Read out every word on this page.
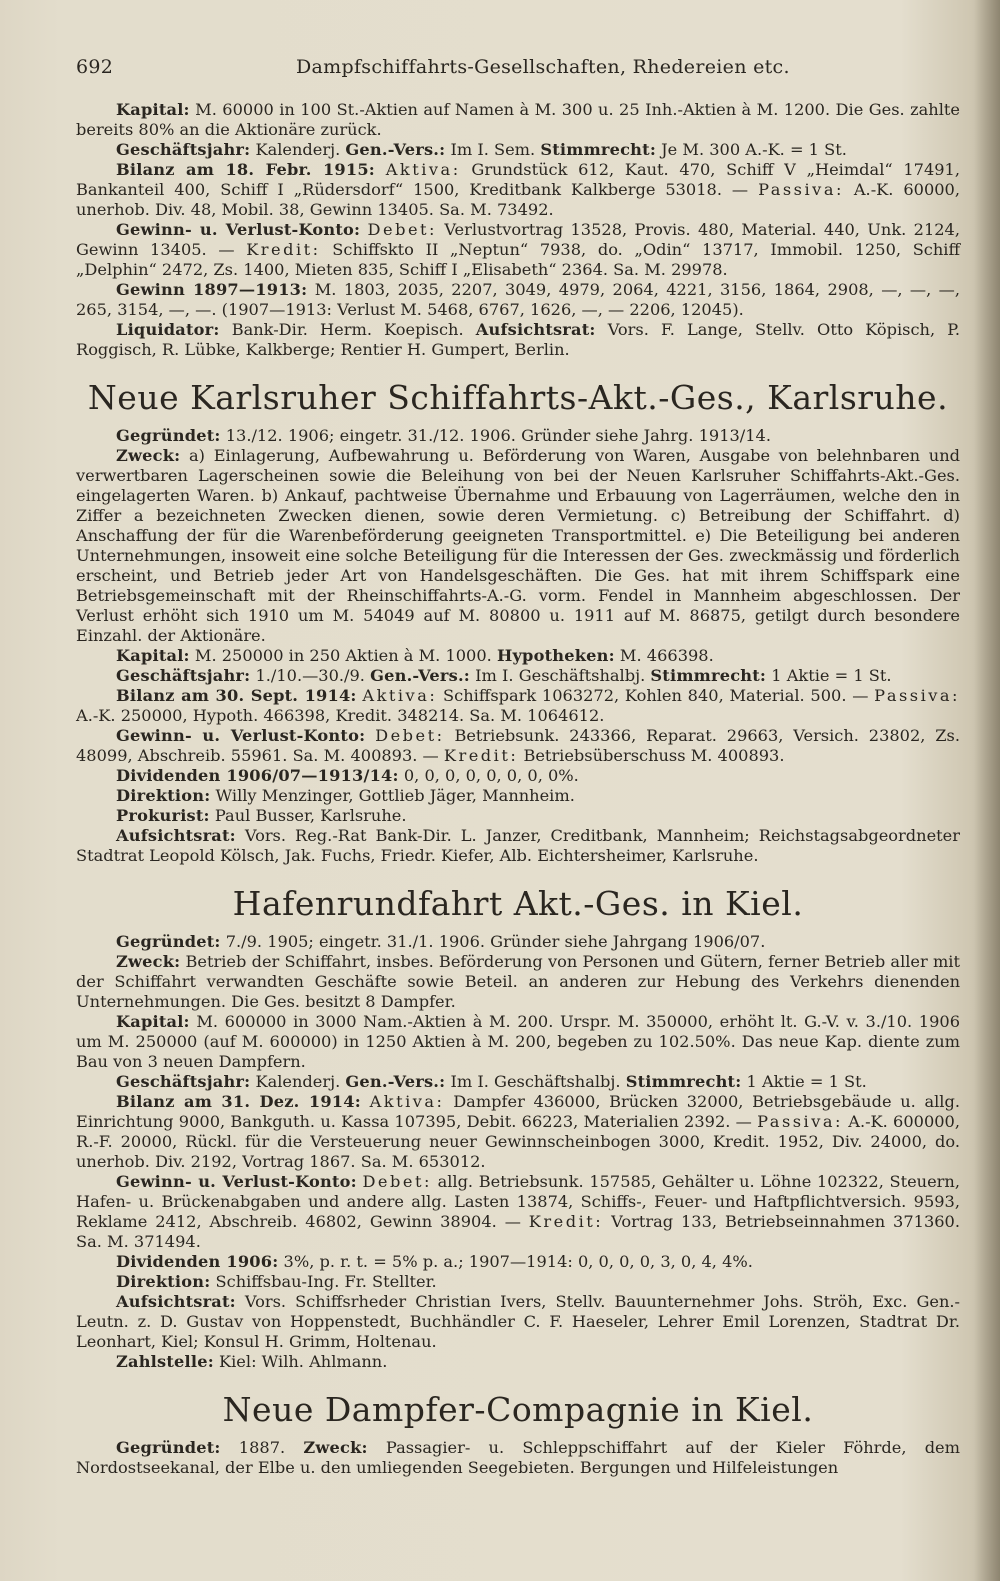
692	Dampfschiffahrts-Gesellschaften, Rhedereien etc.

Kapital: M. 60000 in 100 St.-Aktien auf Namen à M. 300 u. 25 Inh.-Aktien à M. 1200. Die Ges. zahlte bereits 80% an die Aktionäre zurück.

Geschäftsjahr: Kalenderj. Gen.-Vers.: Im I. Sem. Stimmrecht: Je M. 300 A.-K. = 1 St.

Bilanz am 18. Febr. 1915: Aktiva: Grundstück 612, Kaut. 470, Schiff V „Heimdal“ 17491, Bankanteil 400, Schiff I „Rüdersdorf“ 1500, Kreditbank Kalkberge 53018. — Passiva: A.-K. 60000, unerhob. Div. 48, Mobil. 38, Gewinn 13405. Sa. M. 73492.

Gewinn- u. Verlust-Konto: Debet: Verlustvortrag 13528, Provis. 480, Material. 440, Unk. 2124, Gewinn 13405. — Kredit: Schiffskto II „Neptun“ 7938, do. „Odin“ 13717, Immobil. 1250, Schiff „Delphin“ 2472, Zs. 1400, Mieten 835, Schiff I „Elisabeth“ 2364. Sa. M. 29978.

Gewinn 1897—1913: M. 1803, 2035, 2207, 3049, 4979, 2064, 4221, 3156, 1864, 2908, —, —, —, 265, 3154, —, —. (1907—1913: Verlust M. 5468, 6767, 1626, —, — 2206, 12045).

Liquidator: Bank-Dir. Herm. Koepisch. Aufsichtsrat: Vors. F. Lange, Stellv. Otto Köpisch, P. Roggisch, R. Lübke, Kalkberge; Rentier H. Gumpert, Berlin.

Neue Karlsruher Schiffahrts-Akt.-Ges., Karlsruhe.

Gegründet: 13./12. 1906; eingetr. 31./12. 1906. Gründer siehe Jahrg. 1913/14.

Zweck: a) Einlagerung, Aufbewahrung u. Beförderung von Waren, Ausgabe von belehnbaren und verwertbaren Lagerscheinen sowie die Beleihung von bei der Neuen Karlsruher Schiffahrts-Akt.-Ges. eingelagerten Waren. b) Ankauf, pachtweise Übernahme und Erbauung von Lagerräumen, welche den in Ziffer a bezeichneten Zwecken dienen, sowie deren Vermietung. c) Betreibung der Schiffahrt. d) Anschaffung der für die Warenbeförderung geeigneten Transportmittel. e) Die Beteiligung bei anderen Unternehmungen, insoweit eine solche Beteiligung für die Interessen der Ges. zweckmässig und förderlich erscheint, und Betrieb jeder Art von Handelsgeschäften. Die Ges. hat mit ihrem Schiffspark eine Betriebsgemeinschaft mit der Rheinschiffahrts-A.-G. vorm. Fendel in Mannheim abgeschlossen. Der Verlust erhöht sich 1910 um M. 54049 auf M. 80800 u. 1911 auf M. 86875, getilgt durch besondere Einzahl. der Aktionäre.

Kapital: M. 250000 in 250 Aktien à M. 1000. Hypotheken: M. 466398.

Geschäftsjahr: 1./10.—30./9. Gen.-Vers.: Im I. Geschäftshalbj. Stimmrecht: 1 Aktie = 1 St.

Bilanz am 30. Sept. 1914: Aktiva: Schiffspark 1063272, Kohlen 840, Material. 500. — Passiva: A.-K. 250000, Hypoth. 466398, Kredit. 348214. Sa. M. 1064612.

Gewinn- u. Verlust-Konto: Debet: Betriebsunk. 243366, Reparat. 29663, Versich. 23802, Zs. 48099, Abschreib. 55961. Sa. M. 400893. — Kredit: Betriebsüberschuss M. 400893.

Dividenden 1906/07—1913/14: 0, 0, 0, 0, 0, 0, 0, 0%.

Direktion: Willy Menzinger, Gottlieb Jäger, Mannheim.

Prokurist: Paul Busser, Karlsruhe.

Aufsichtsrat: Vors. Reg.-Rat Bank-Dir. L. Janzer, Creditbank, Mannheim; Reichstagsabgeordneter Stadtrat Leopold Kölsch, Jak. Fuchs, Friedr. Kiefer, Alb. Eichtersheimer, Karlsruhe.

Hafenrundfahrt Akt.-Ges. in Kiel.

Gegründet: 7./9. 1905; eingetr. 31./1. 1906. Gründer siehe Jahrgang 1906/07.

Zweck: Betrieb der Schiffahrt, insbes. Beförderung von Personen und Gütern, ferner Betrieb aller mit der Schiffahrt verwandten Geschäfte sowie Beteil. an anderen zur Hebung des Verkehrs dienenden Unternehmungen. Die Ges. besitzt 8 Dampfer.

Kapital: M. 600000 in 3000 Nam.-Aktien à M. 200. Urspr. M. 350000, erhöht lt. G.-V. v. 3./10. 1906 um M. 250000 (auf M. 600000) in 1250 Aktien à M. 200, begeben zu 102.50%. Das neue Kap. diente zum Bau von 3 neuen Dampfern.

Geschäftsjahr: Kalenderj. Gen.-Vers.: Im I. Geschäftshalbj. Stimmrecht: 1 Aktie = 1 St.

Bilanz am 31. Dez. 1914: Aktiva: Dampfer 436000, Brücken 32000, Betriebsgebäude u. allg. Einrichtung 9000, Bankguth. u. Kassa 107395, Debit. 66223, Materialien 2392. — Passiva: A.-K. 600000, R.-F. 20000, Rückl. für die Versteuerung neuer Gewinnscheinbogen 3000, Kredit. 1952, Div. 24000, do. unerhob. Div. 2192, Vortrag 1867. Sa. M. 653012.

Gewinn- u. Verlust-Konto: Debet: allg. Betriebsunk. 157585, Gehälter u. Löhne 102322, Steuern, Hafen- u. Brückenabgaben und andere allg. Lasten 13874, Schiffs-, Feuer- und Haftpflichtversich. 9593, Reklame 2412, Abschreib. 46802, Gewinn 38904. — Kredit: Vortrag 133, Betriebseinnahmen 371360. Sa. M. 371494.

Dividenden 1906: 3%, p. r. t. = 5% p. a.; 1907—1914: 0, 0, 0, 0, 3, 0, 4, 4%.

Direktion: Schiffsbau-Ing. Fr. Stellter.

Aufsichtsrat: Vors. Schiffsrheder Christian Ivers, Stellv. Bauunternehmer Johs. Ströh, Exc. Gen.-Leutn. z. D. Gustav von Hoppenstedt, Buchhändler C. F. Haeseler, Lehrer Emil Lorenzen, Stadtrat Dr. Leonhart, Kiel; Konsul H. Grimm, Holtenau.

Zahlstelle: Kiel: Wilh. Ahlmann.

Neue Dampfer-Compagnie in Kiel.

Gegründet: 1887. Zweck: Passagier- u. Schleppschiffahrt auf der Kieler Föhrde, dem Nordostseekanal, der Elbe u. den umliegenden Seegebieten. Bergungen und Hilfeleistungen
